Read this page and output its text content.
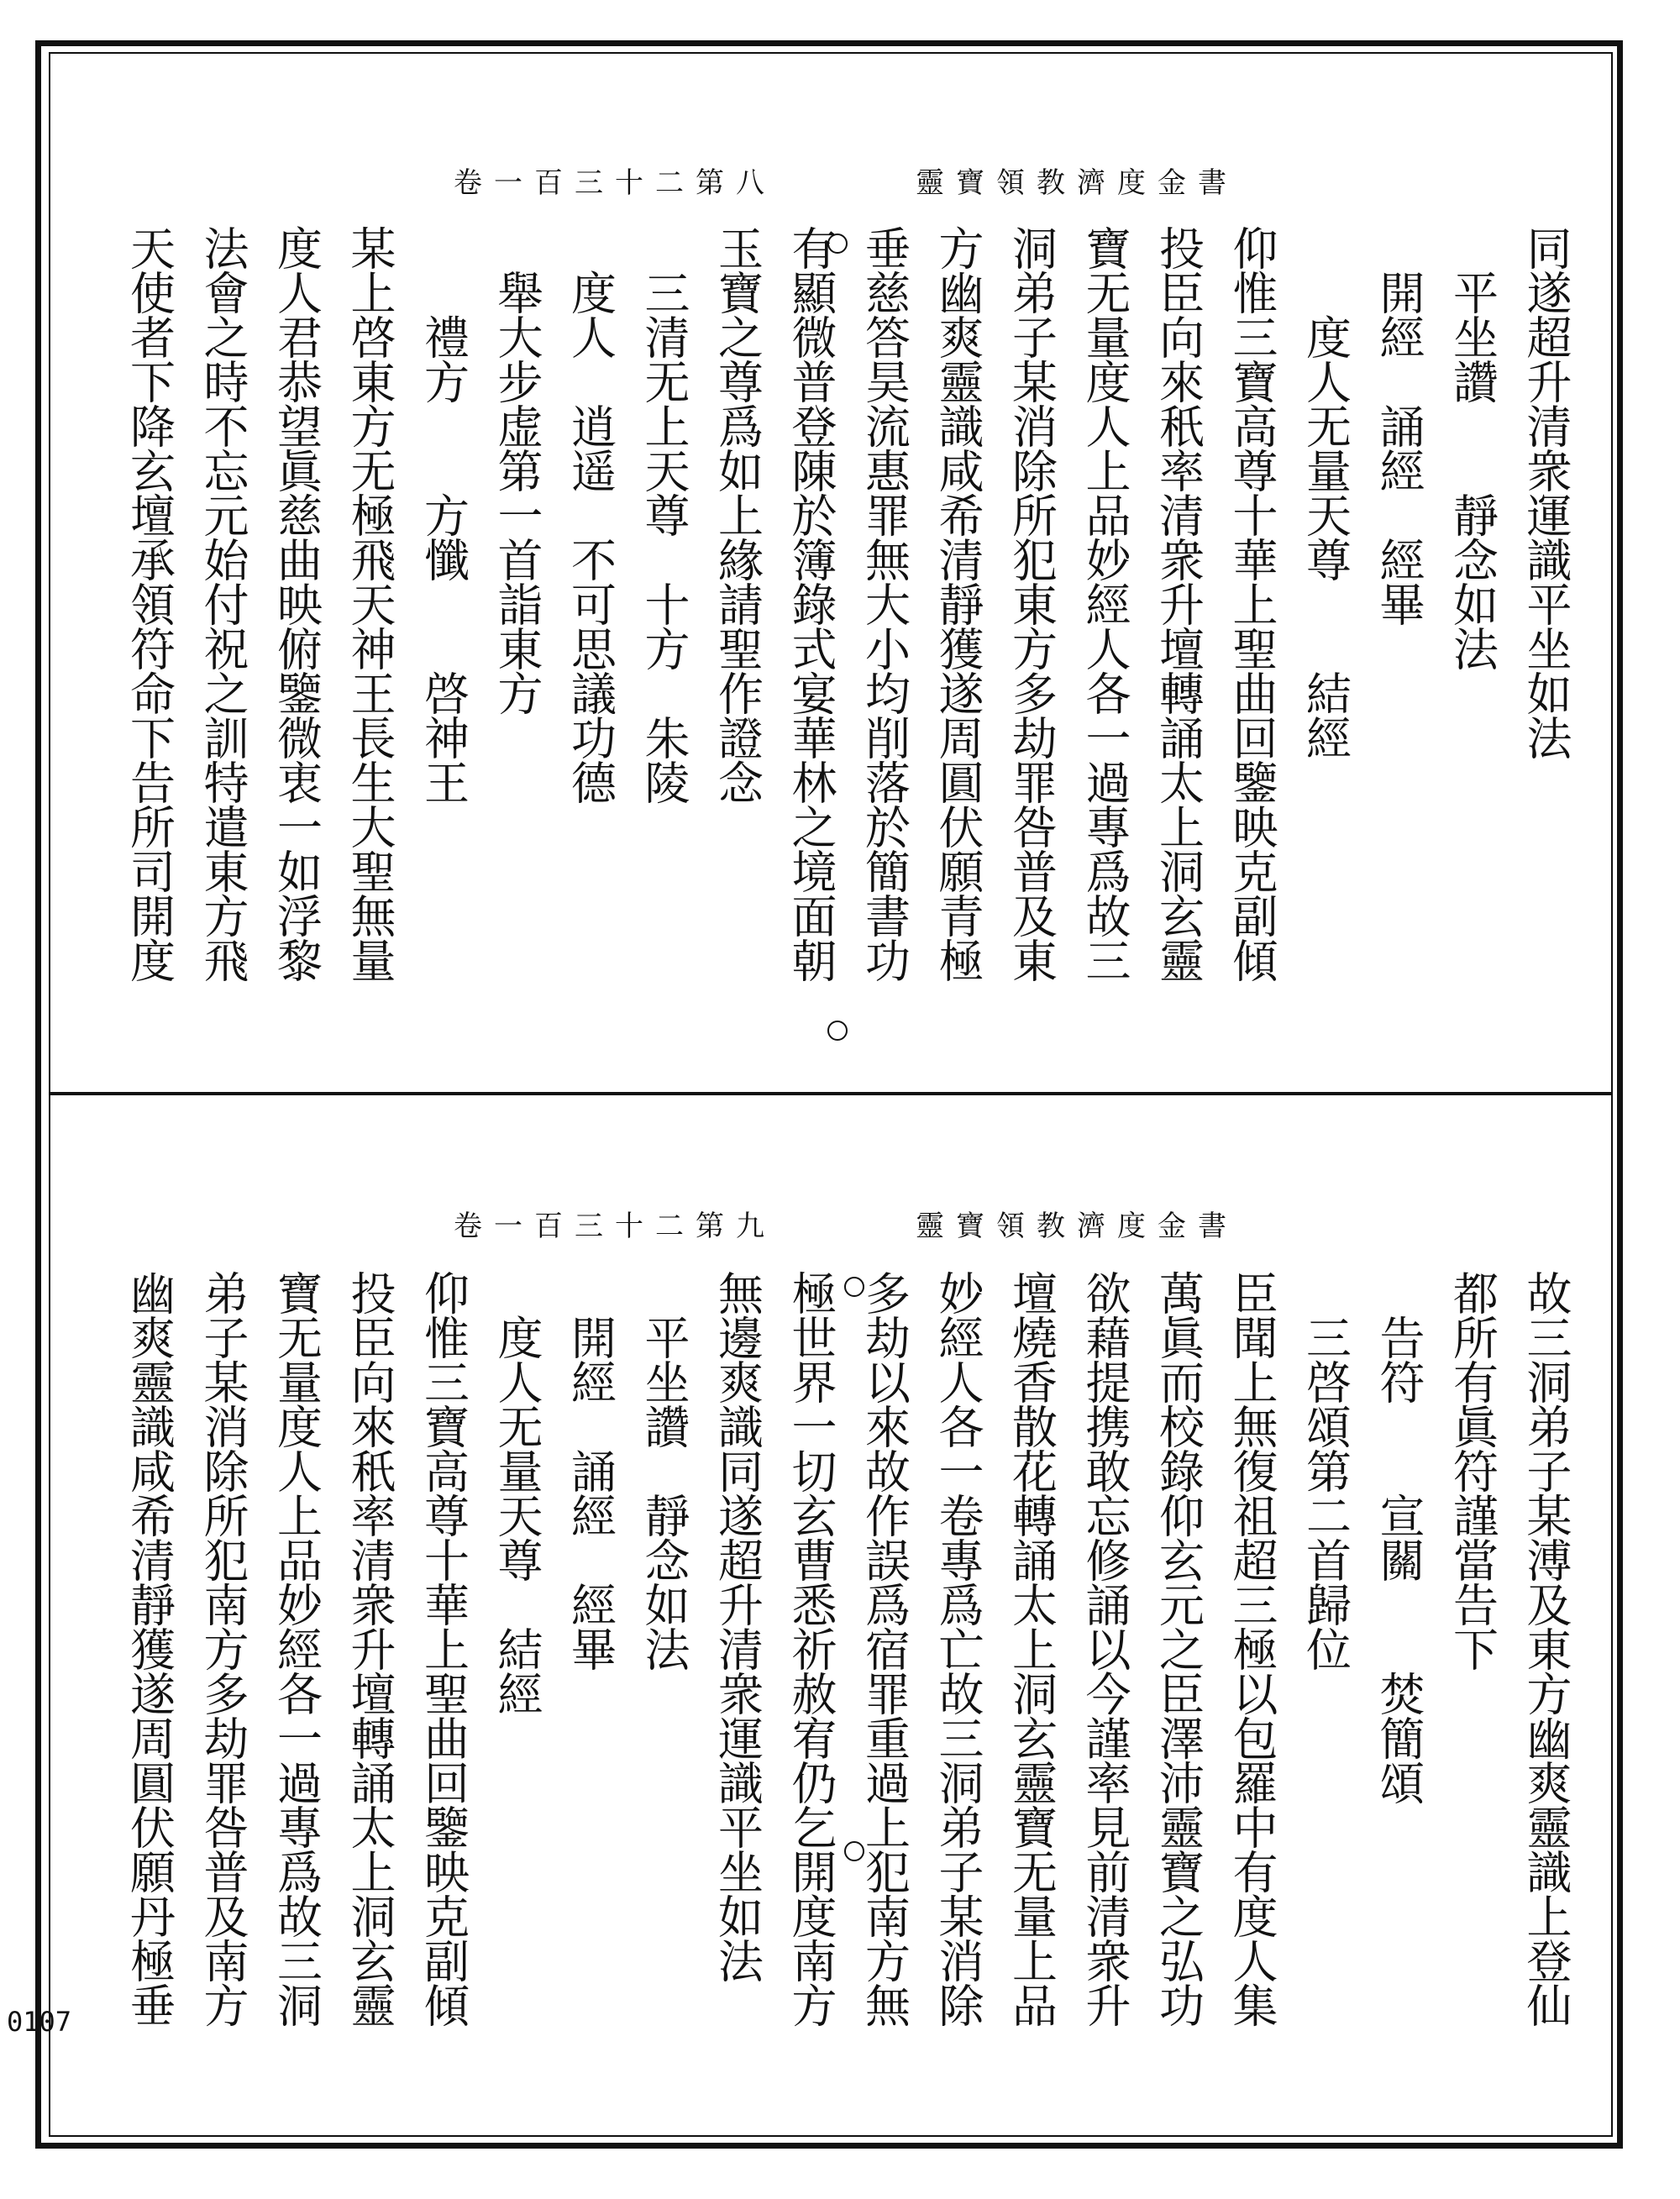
靈寶領教濟度金書
卷一百三十二第八
同遂超升清衆運識平坐如法
　平坐讚　　靜念如法
　開經　誦經　經畢
　　度人无量天尊　　結經
仰惟三寶高尊十華上聖曲回鑒映克副傾
投臣向來秖率清衆升壇轉誦太上洞玄靈
寶无量度人上品妙經人各一過專爲故三
洞弟子某消除所犯東方多劫罪咎普及東
方幽爽靈識咸希清靜獲遂周圓伏願青極
垂慈答昊流惠罪無大小均削落於簡書功
有顯微普登陳於簿錄式宴華林之境面朝
玉寶之尊爲如上緣請聖作證念
　三清无上天尊　十方　朱陵
　度人　逍遥　不可思議功德
　舉大步虚第一首詣東方
　　禮方　　方懺　　啓神王
某上啓東方无極飛天神王長生大聖無量
度人君恭望眞慈曲映俯鑒微衷一如浮黎
法會之時不忘元始付祝之訓特遣東方飛
天使者下降玄壇承領符命下告所司開度
靈寶領教濟度金書
卷一百三十二第九
故三洞弟子某溥及東方幽爽靈識上登仙
都所有眞符謹當告下
　告符　　宣關　　焚簡頌
　三啓頌第二首歸位
臣聞上無復祖超三極以包羅中有度人集
萬眞而校錄仰玄元之臣澤沛靈寶之弘功
欲藉提携敢忘修誦以今謹率見前清衆升
壇燒香散花轉誦太上洞玄靈寶无量上品
妙經人各一卷專爲亡故三洞弟子某消除
多劫以來故作誤爲宿罪重過上犯南方無
極世界一切玄曹悉祈赦宥仍乞開度南方
無邊爽識同遂超升清衆運識平坐如法
　平坐讚　靜念如法
　開經　誦經　經畢
　度人无量天尊　結經
仰惟三寶高尊十華上聖曲回鑒映克副傾
投臣向來秖率清衆升壇轉誦太上洞玄靈
寶无量度人上品妙經各一過專爲故三洞
弟子某消除所犯南方多劫罪咎普及南方
幽爽靈識咸希清靜獲遂周圓伏願丹極垂
0107
